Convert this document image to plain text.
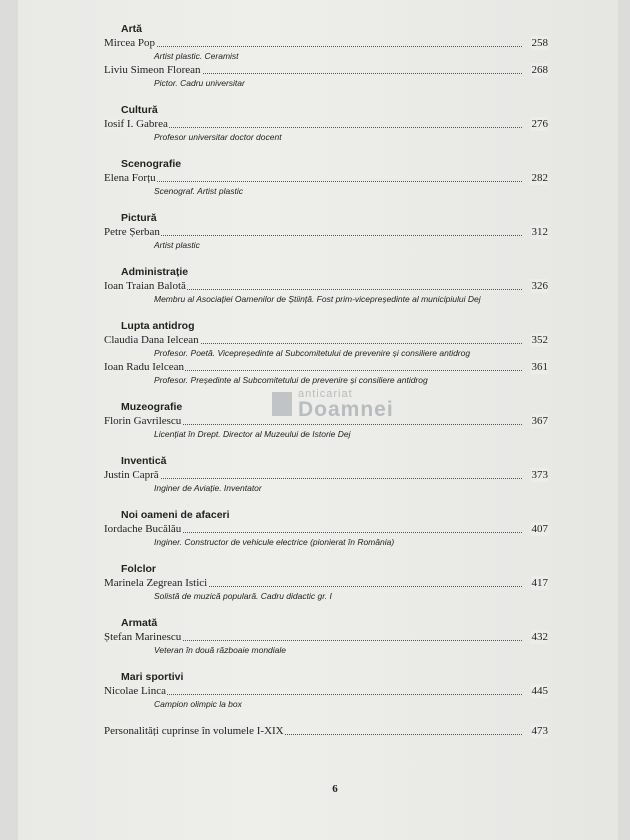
Artă
Mircea Pop	258
Artist plastic. Ceramist
Liviu Simeon Florean	268
Pictor. Cadru universitar
Cultură
Iosif I. Gabrea	276
Profesor universitar doctor docent
Scenografie
Elena Forțu	282
Scenograf. Artist plastic
Pictură
Petre Șerban	312
Artist plastic
Administrație
Ioan Traian Balotă	326
Membru al Asociației Oamenilor de Știință. Fost prim-vicepreședinte al municipiului Dej
Lupta antidrog
Claudia Dana Ielcean	352
Profesor. Poetă. Vicepreședinte al Subcomitetului de prevenire și consiliere antidrog
Ioan Radu Ielcean	361
Profesor. Președinte al Subcomitetului de prevenire și consiliere antidrog
Muzeografie
Florin Gavrilescu	367
Licențiat în Drept. Director al Muzeului de Istorie Dej
Inventică
Justin Capră	373
Inginer de Aviație. Inventator
Noi oameni de afaceri
Iordache Bucălău	407
Inginer. Constructor de vehicule electrice (pionierat în România)
Folclor
Marinela Zegrean Istici	417
Solistă de muzică populară. Cadru didactic gr. I
Armată
Ștefan Marinescu	432
Veteran în două războaie mondiale
Mari sportivi
Nicolae Linca	445
Campion olimpic la box
Personalități cuprinse în volumele I-XIX	473
anticariat
Doamnei
6
